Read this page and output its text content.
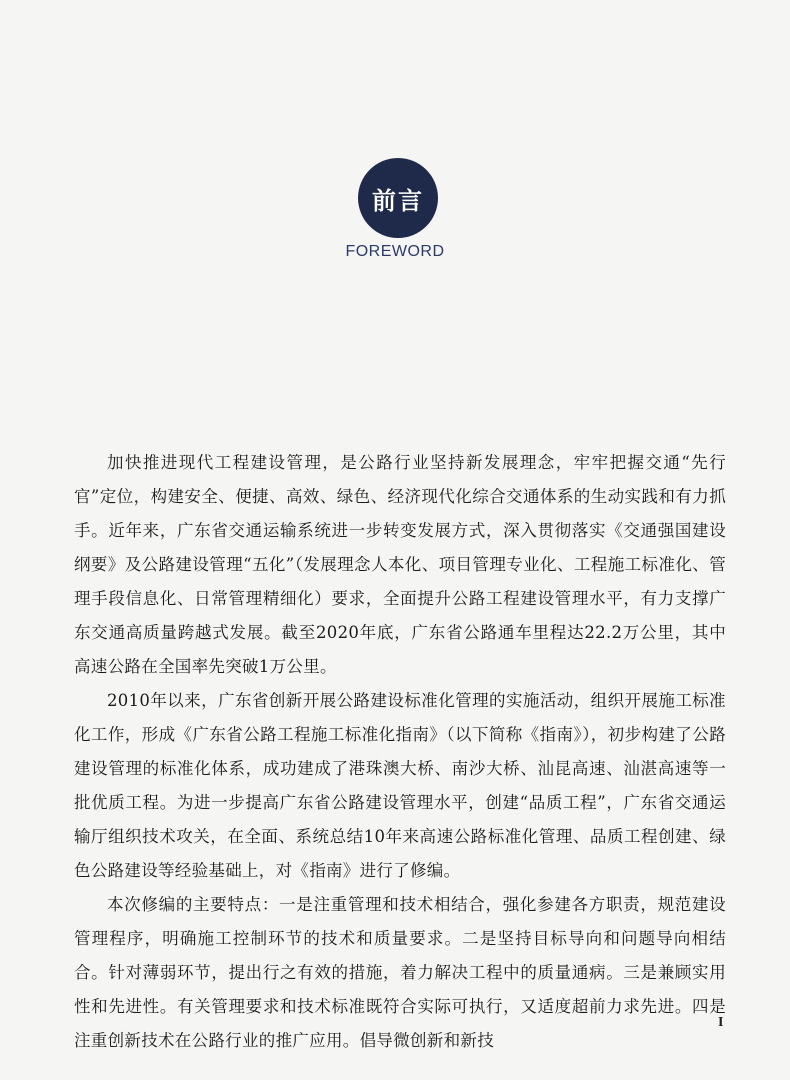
前言
FOREWORD

加快推进现代工程建设管理，是公路行业坚持新发展理念，牢牢把握交通“先行官”定位，构建安全、便捷、高效、绿色、经济现代化综合交通体系的生动实践和有力抓手。近年来，广东省交通运输系统进一步转变发展方式，深入贯彻落实《交通强国建设纲要》及公路建设管理“五化”（发展理念人本化、项目管理专业化、工程施工标准化、管理手段信息化、日常管理精细化）要求，全面提升公路工程建设管理水平，有力支撑广东交通高质量跨越式发展。截至2020年底，广东省公路通车里程达22.2万公里，其中高速公路在全国率先突破1万公里。

2010年以来，广东省创新开展公路建设标准化管理的实施活动，组织开展施工标准化工作，形成《广东省公路工程施工标准化指南》（以下简称《指南》），初步构建了公路建设管理的标准化体系，成功建成了港珠澳大桥、南沙大桥、汕昆高速、汕湛高速等一批优质工程。为进一步提高广东省公路建设管理水平，创建“品质工程”，广东省交通运输厅组织技术攻关，在全面、系统总结10年来高速公路标准化管理、品质工程创建、绿色公路建设等经验基础上，对《指南》进行了修编。

本次修编的主要特点：一是注重管理和技术相结合，强化参建各方职责，规范建设管理程序，明确施工控制环节的技术和质量要求。二是坚持目标导向和问题导向相结合。针对薄弱环节，提出行之有效的措施，着力解决工程中的质量通病。三是兼顾实用性和先进性。有关管理要求和技术标准既符合实际可执行，又适度超前力求先进。四是注重创新技术在公路行业的推广应用。倡导微创新和新技

I
